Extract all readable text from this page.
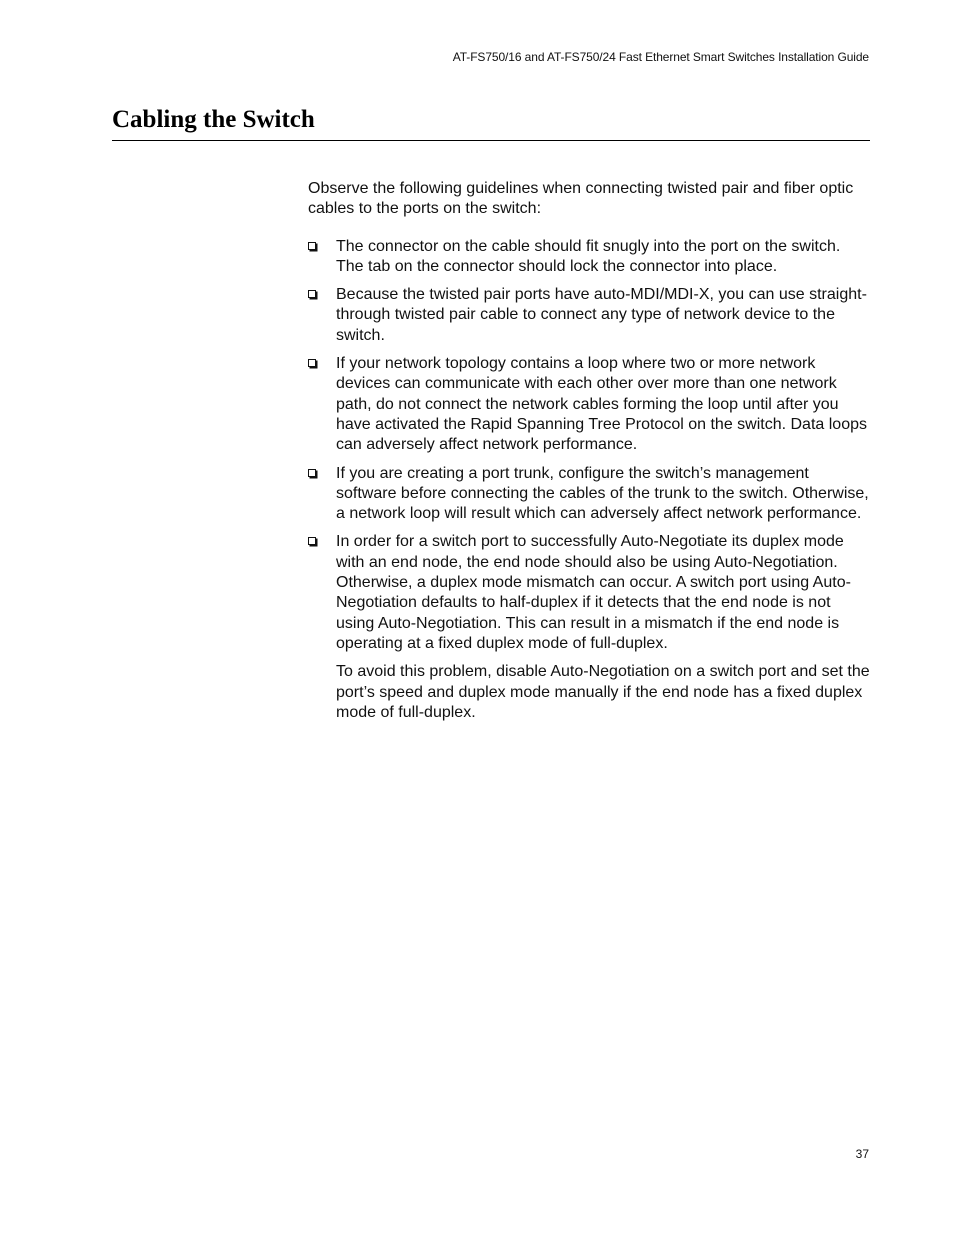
AT-FS750/16 and AT-FS750/24 Fast Ethernet Smart Switches Installation Guide
Cabling the Switch

Observe the following guidelines when connecting twisted pair and fiber optic cables to the ports on the switch:

The connector on the cable should fit snugly into the port on the switch. The tab on the connector should lock the connector into place.
Because the twisted pair ports have auto-MDI/MDI-X, you can use straight-through twisted pair cable to connect any type of network device to the switch.
If your network topology contains a loop where two or more network devices can communicate with each other over more than one network path, do not connect the network cables forming the loop until after you have activated the Rapid Spanning Tree Protocol on the switch. Data loops can adversely affect network performance.
If you are creating a port trunk, configure the switch’s management software before connecting the cables of the trunk to the switch. Otherwise, a network loop will result which can adversely affect network performance.
In order for a switch port to successfully Auto-Negotiate its duplex mode with an end node, the end node should also be using Auto-Negotiation. Otherwise, a duplex mode mismatch can occur. A switch port using Auto-Negotiation defaults to half-duplex if it detects that the end node is not using Auto-Negotiation. This can result in a mismatch if the end node is operating at a fixed duplex mode of full-duplex.

To avoid this problem, disable Auto-Negotiation on a switch port and set the port’s speed and duplex mode manually if the end node has a fixed duplex mode of full-duplex.

37
